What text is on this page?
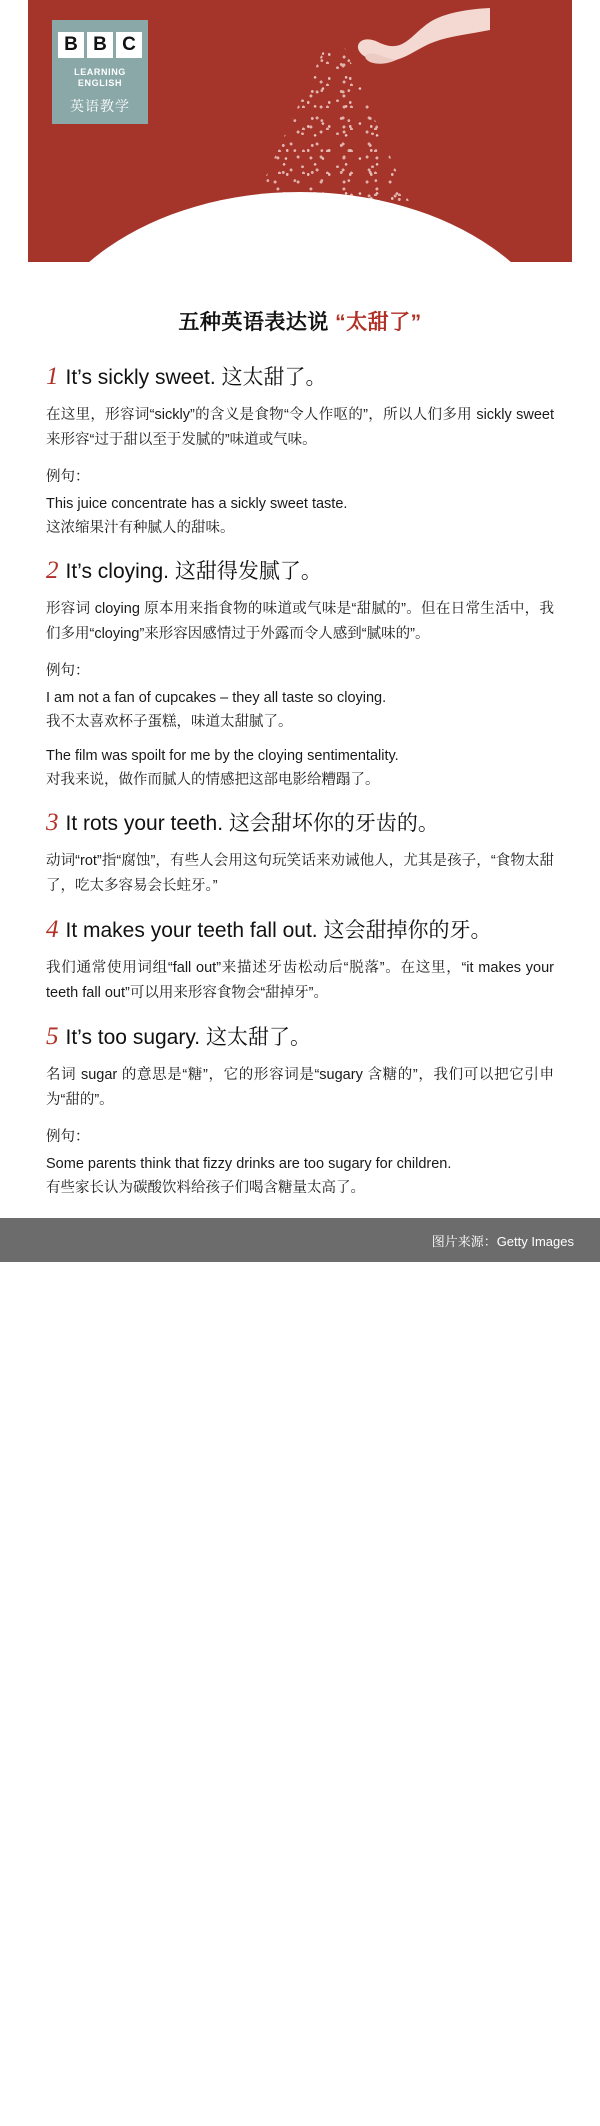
B B C
LEARNING
ENGLISH
英语教学
五种英语表达说 “太甜了”
1 It’s sickly sweet. 这太甜了。

在这里，形容词“sickly”的含义是食物“令人作呕的”，所以人们多用 sickly sweet 来形容“过于甜以至于发腻的”味道或气味。

例句：

This juice concentrate has a sickly sweet taste.
这浓缩果汁有种腻人的甜味。
2 It’s cloying. 这甜得发腻了。

形容词 cloying 原本用来指食物的味道或气味是“甜腻的”。但在日常生活中，我们多用“cloying”来形容因感情过于外露而令人感到“腻味的”。

例句：

I am not a fan of cupcakes – they all taste so cloying.
我不太喜欢杯子蛋糕，味道太甜腻了。
The film was spoilt for me by the cloying sentimentality.
对我来说，做作而腻人的情感把这部电影给糟蹋了。
3 It rots your teeth. 这会甜坏你的牙齿的。

动词“rot”指“腐蚀”，有些人会用这句玩笑话来劝诫他人，尤其是孩子，“食物太甜了，吃太多容易会长蛀牙。”

4 It makes your teeth fall out. 这会甜掉你的牙。

我们通常使用词组“fall out”来描述牙齿松动后“脱落”。在这里，“it makes your teeth fall out”可以用来形容食物会“甜掉牙”。

5 It’s too sugary. 这太甜了。

名词 sugar 的意思是“糖”，它的形容词是“sugary 含糖的”，我们可以把它引申为“甜的”。

例句：

Some parents think that fizzy drinks are too sugary for children.
有些家长认为碳酸饮料给孩子们喝含糖量太高了。
图片来源：Getty Images
